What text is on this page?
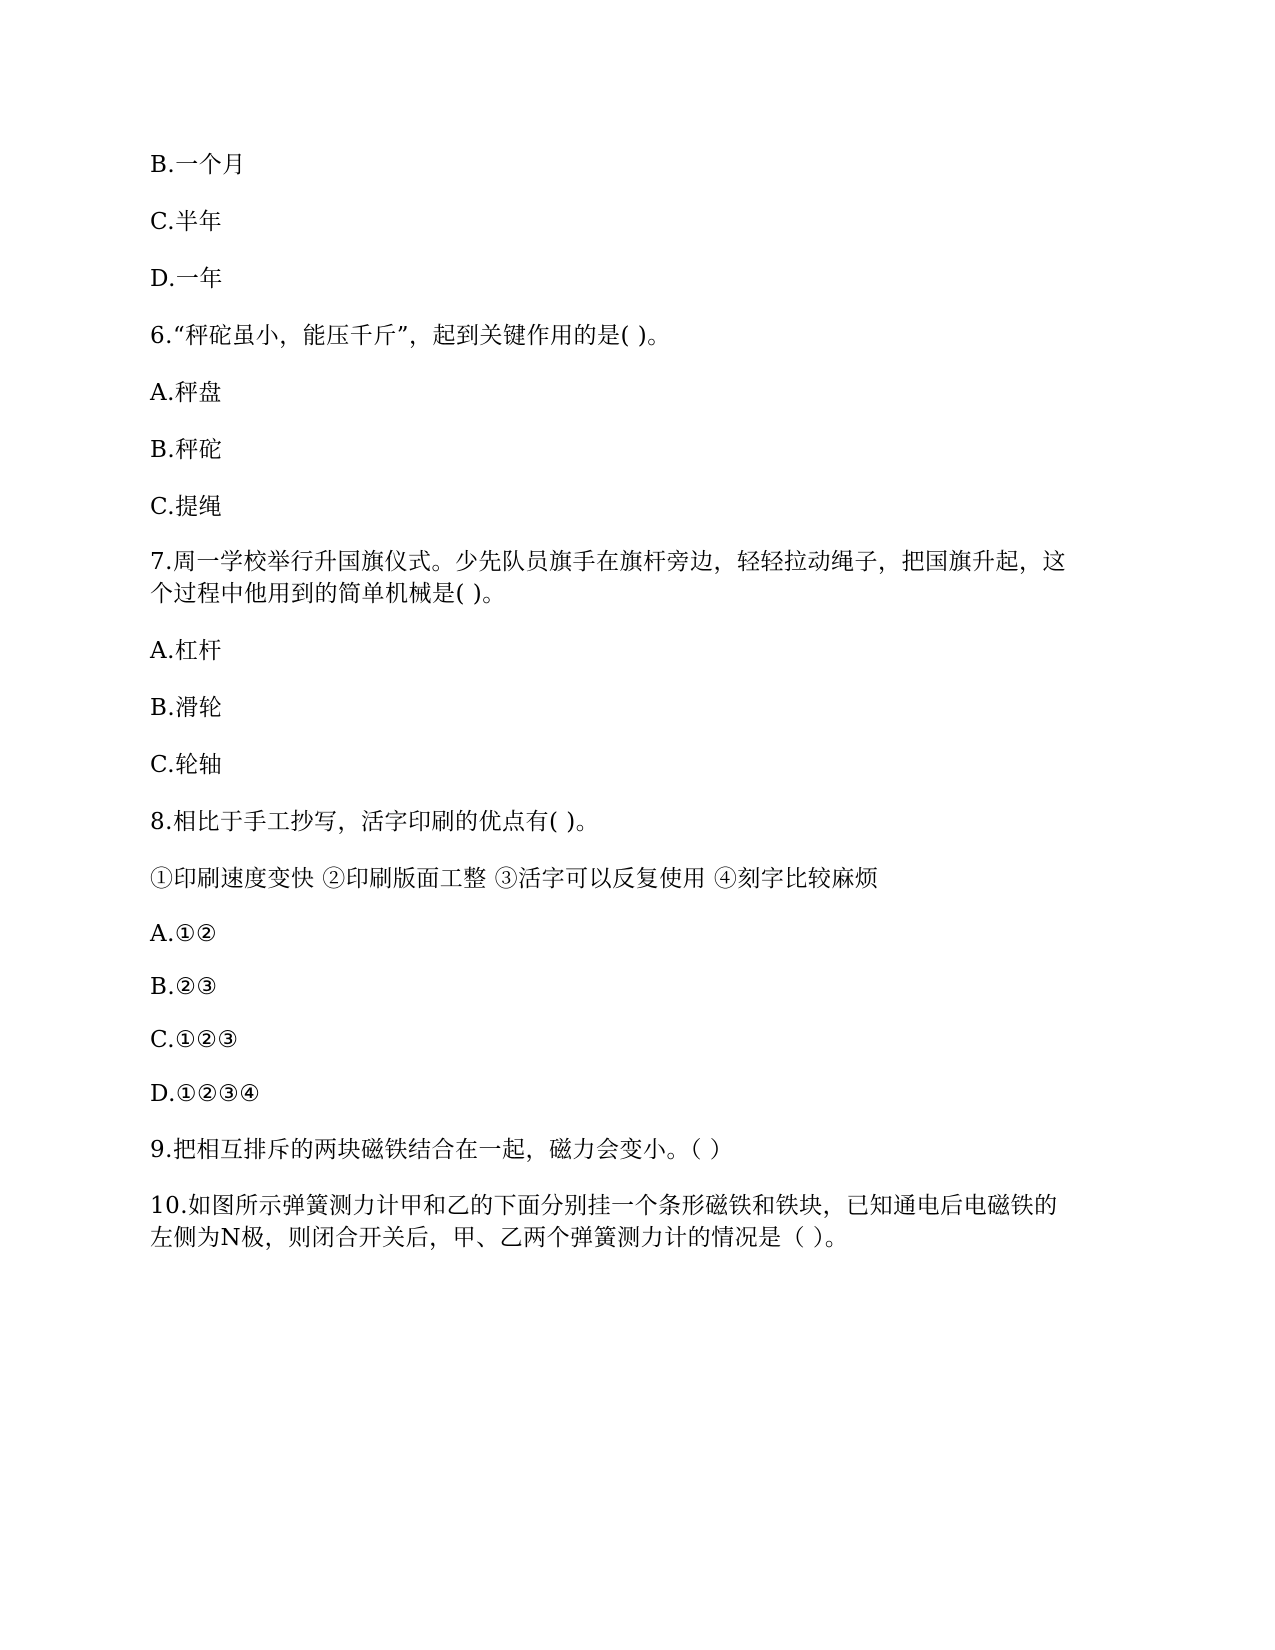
B.一个月
C.半年
D.一年
6.“秤砣虽小，能压千斤”，起到关键作用的是( )。
A.秤盘
B.秤砣
C.提绳
7.周一学校举行升国旗仪式。少先队员旗手在旗杆旁边，轻轻拉动绳子，把国旗升起，这
个过程中他用到的简单机械是( )。
A.杠杆
B.滑轮
C.轮轴
8.相比于手工抄写，活字印刷的优点有( )。
①印刷速度变快 ②印刷版面工整 ③活字可以反复使用 ④刻字比较麻烦
A.①②
B.②③
C.①②③
D.①②③④
9.把相互排斥的两块磁铁结合在一起，磁力会变小。（ ）
10.如图所示弹簧测力计甲和乙的下面分别挂一个条形磁铁和铁块，已知通电后电磁铁的
左侧为N极，则闭合开关后，甲、乙两个弹簧测力计的情况是（ ）。
